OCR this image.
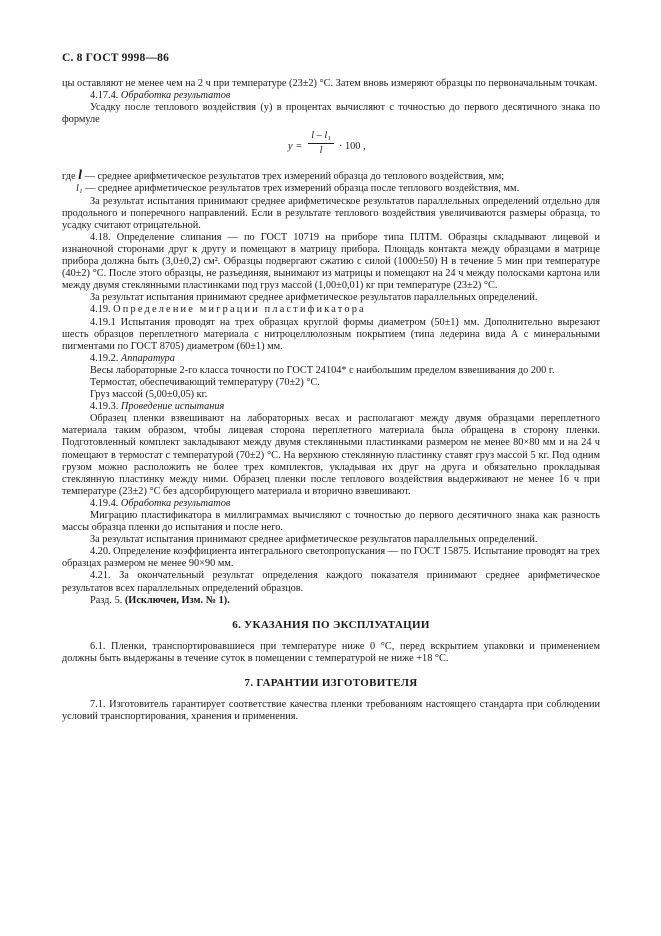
С. 8 ГОСТ 9998—86

цы оставляют не менее чем на 2 ч при температуре (23±2) °С. Затем вновь измеряют образцы по первоначальным точкам.

4.17.4. Обработка результатов

Усадку после теплового воздействия (y) в процентах вычисляют с точностью до первого десятичного знака по формуле

$y = \frac{\text{l – l₁}}{l} \cdot 100$ ,

где l — среднее арифметическое результатов трех измерений образца до теплового воздействия, мм;

l₁ — среднее арифметическое результатов трех измерений образца после теплового воздействия, мм.

За результат испытания принимают среднее арифметическое результатов параллельных определений отдельно для продольного и поперечного направлений. Если в результате теплового воздействия увеличиваются размеры образца, то усадку считают отрицательной.

4.18. Определение слипания — по ГОСТ 10719 на приборе типа ПЛТМ. Образцы складывают лицевой и изнаночной сторонами друг к другу и помещают в матрицу прибора. Площадь контакта между образцами в матрице прибора должна быть (3,0±0,2) см². Образцы подвергают сжатию с силой (1000±50) Н в течение 5 мин при температуре (40±2) °С. После этого образцы, не разъединяя, вынимают из матрицы и помещают на 24 ч между полосками картона или между двумя стеклянными пластинками под груз массой (1,00±0,01) кг при температуре (23±2) °С.

За результат испытания принимают среднее арифметическое результатов параллельных определений.

4.19. Определение миграции пластификатора

4.19.1 Испытания проводят на трех образцах круглой формы диаметром (50±1) мм. Дополнительно вырезают шесть образцов переплетного материала с нитроцеллюлозным покрытием (типа ледерина вида А с минеральными пигментами по ГОСТ 8705) диаметром (60±1) мм.

4.19.2. Аппаратура

Весы лабораторные 2-го класса точности по ГОСТ 24104* с наибольшим пределом взвешивания до 200 г.

Термостат, обеспечивающий температуру (70±2) °С.

Груз массой (5,00±0,05) кг.

4.19.3. Проведение испытания

Образец пленки взвешивают на лабораторных весах и располагают между двумя образцами переплетного материала таким образом, чтобы лицевая сторона переплетного материала была обращена в сторону пленки. Подготовленный комплект закладывают между двумя стеклянными пластинками размером не менее 80×80 мм и на 24 ч помещают в термостат с температурой (70±2) °С. На верхнюю стеклянную пластинку ставят груз массой 5 кг. Под одним грузом можно расположить не более трех комплектов, укладывая их друг на друга и обязательно прокладывая стеклянную пластинку между ними. Образец пленки после теплового воздействия выдерживают не менее 16 ч при температуре (23±2) °С без адсорбирующего материала и вторично взвешивают.

4.19.4. Обработка результатов

Миграцию пластификатора в миллиграммах вычисляют с точностью до первого десятичного знака как разность массы образца пленки до испытания и после него.

За результат испытания принимают среднее арифметическое результатов параллельных определений.

4.20. Определение коэффициента интегрального светопропускания — по ГОСТ 15875. Испытание проводят на трех образцах размером не менее 90×90 мм.

4.21. За окончательный результат определения каждого показателя принимают среднее арифметическое результатов всех параллельных определений образцов.

Разд. 5. (Исключен, Изм. № 1).

6. УКАЗАНИЯ ПО ЭКСПЛУАТАЦИИ

6.1. Пленки, транспортировавшиеся при температуре ниже 0 °С, перед вскрытием упаковки и применением должны быть выдержаны в течение суток в помещении с температурой не ниже +18 °С.

7. ГАРАНТИИ ИЗГОТОВИТЕЛЯ

7.1. Изготовитель гарантирует соответствие качества пленки требованиям настоящего стандарта при соблюдении условий транспортирования, хранения и применения.
